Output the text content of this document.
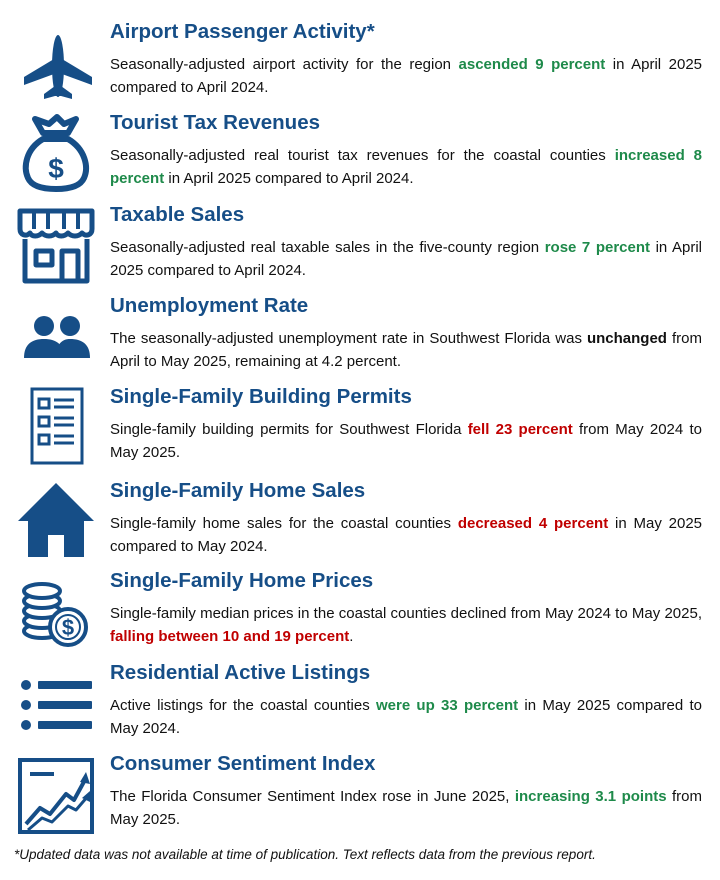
Airport Passenger Activity*
Seasonally-adjusted airport activity for the region ascended 9 percent in April 2025 compared to April 2024.
$
Tourist Tax Revenues
Seasonally-adjusted real tourist tax revenues for the coastal counties increased 8 percent in April 2025 compared to April 2024.
Taxable Sales
Seasonally-adjusted real taxable sales in the five-county region rose 7 percent in April 2025 compared to April 2024.
Unemployment Rate
The seasonally-adjusted unemployment rate in Southwest Florida was unchanged from April to May 2025, remaining at 4.2 percent.
Single-Family Building Permits
Single-family building permits for Southwest Florida fell 23 percent from May 2024 to May 2025.
Single-Family Home Sales
Single-family home sales for the coastal counties decreased 4 percent in May 2025 compared to May 2024.
$
Single-Family Home Prices
Single-family median prices in the coastal counties declined from May 2024 to May 2025, falling between 10 and 19 percent.
Residential Active Listings
Active listings for the coastal counties were up 33 percent in May 2025 compared to May 2024.
Consumer Sentiment Index
The Florida Consumer Sentiment Index rose in June 2025, increasing 3.1 points from May 2025.
*Updated data was not available at time of publication. Text reflects data from the previous report.
